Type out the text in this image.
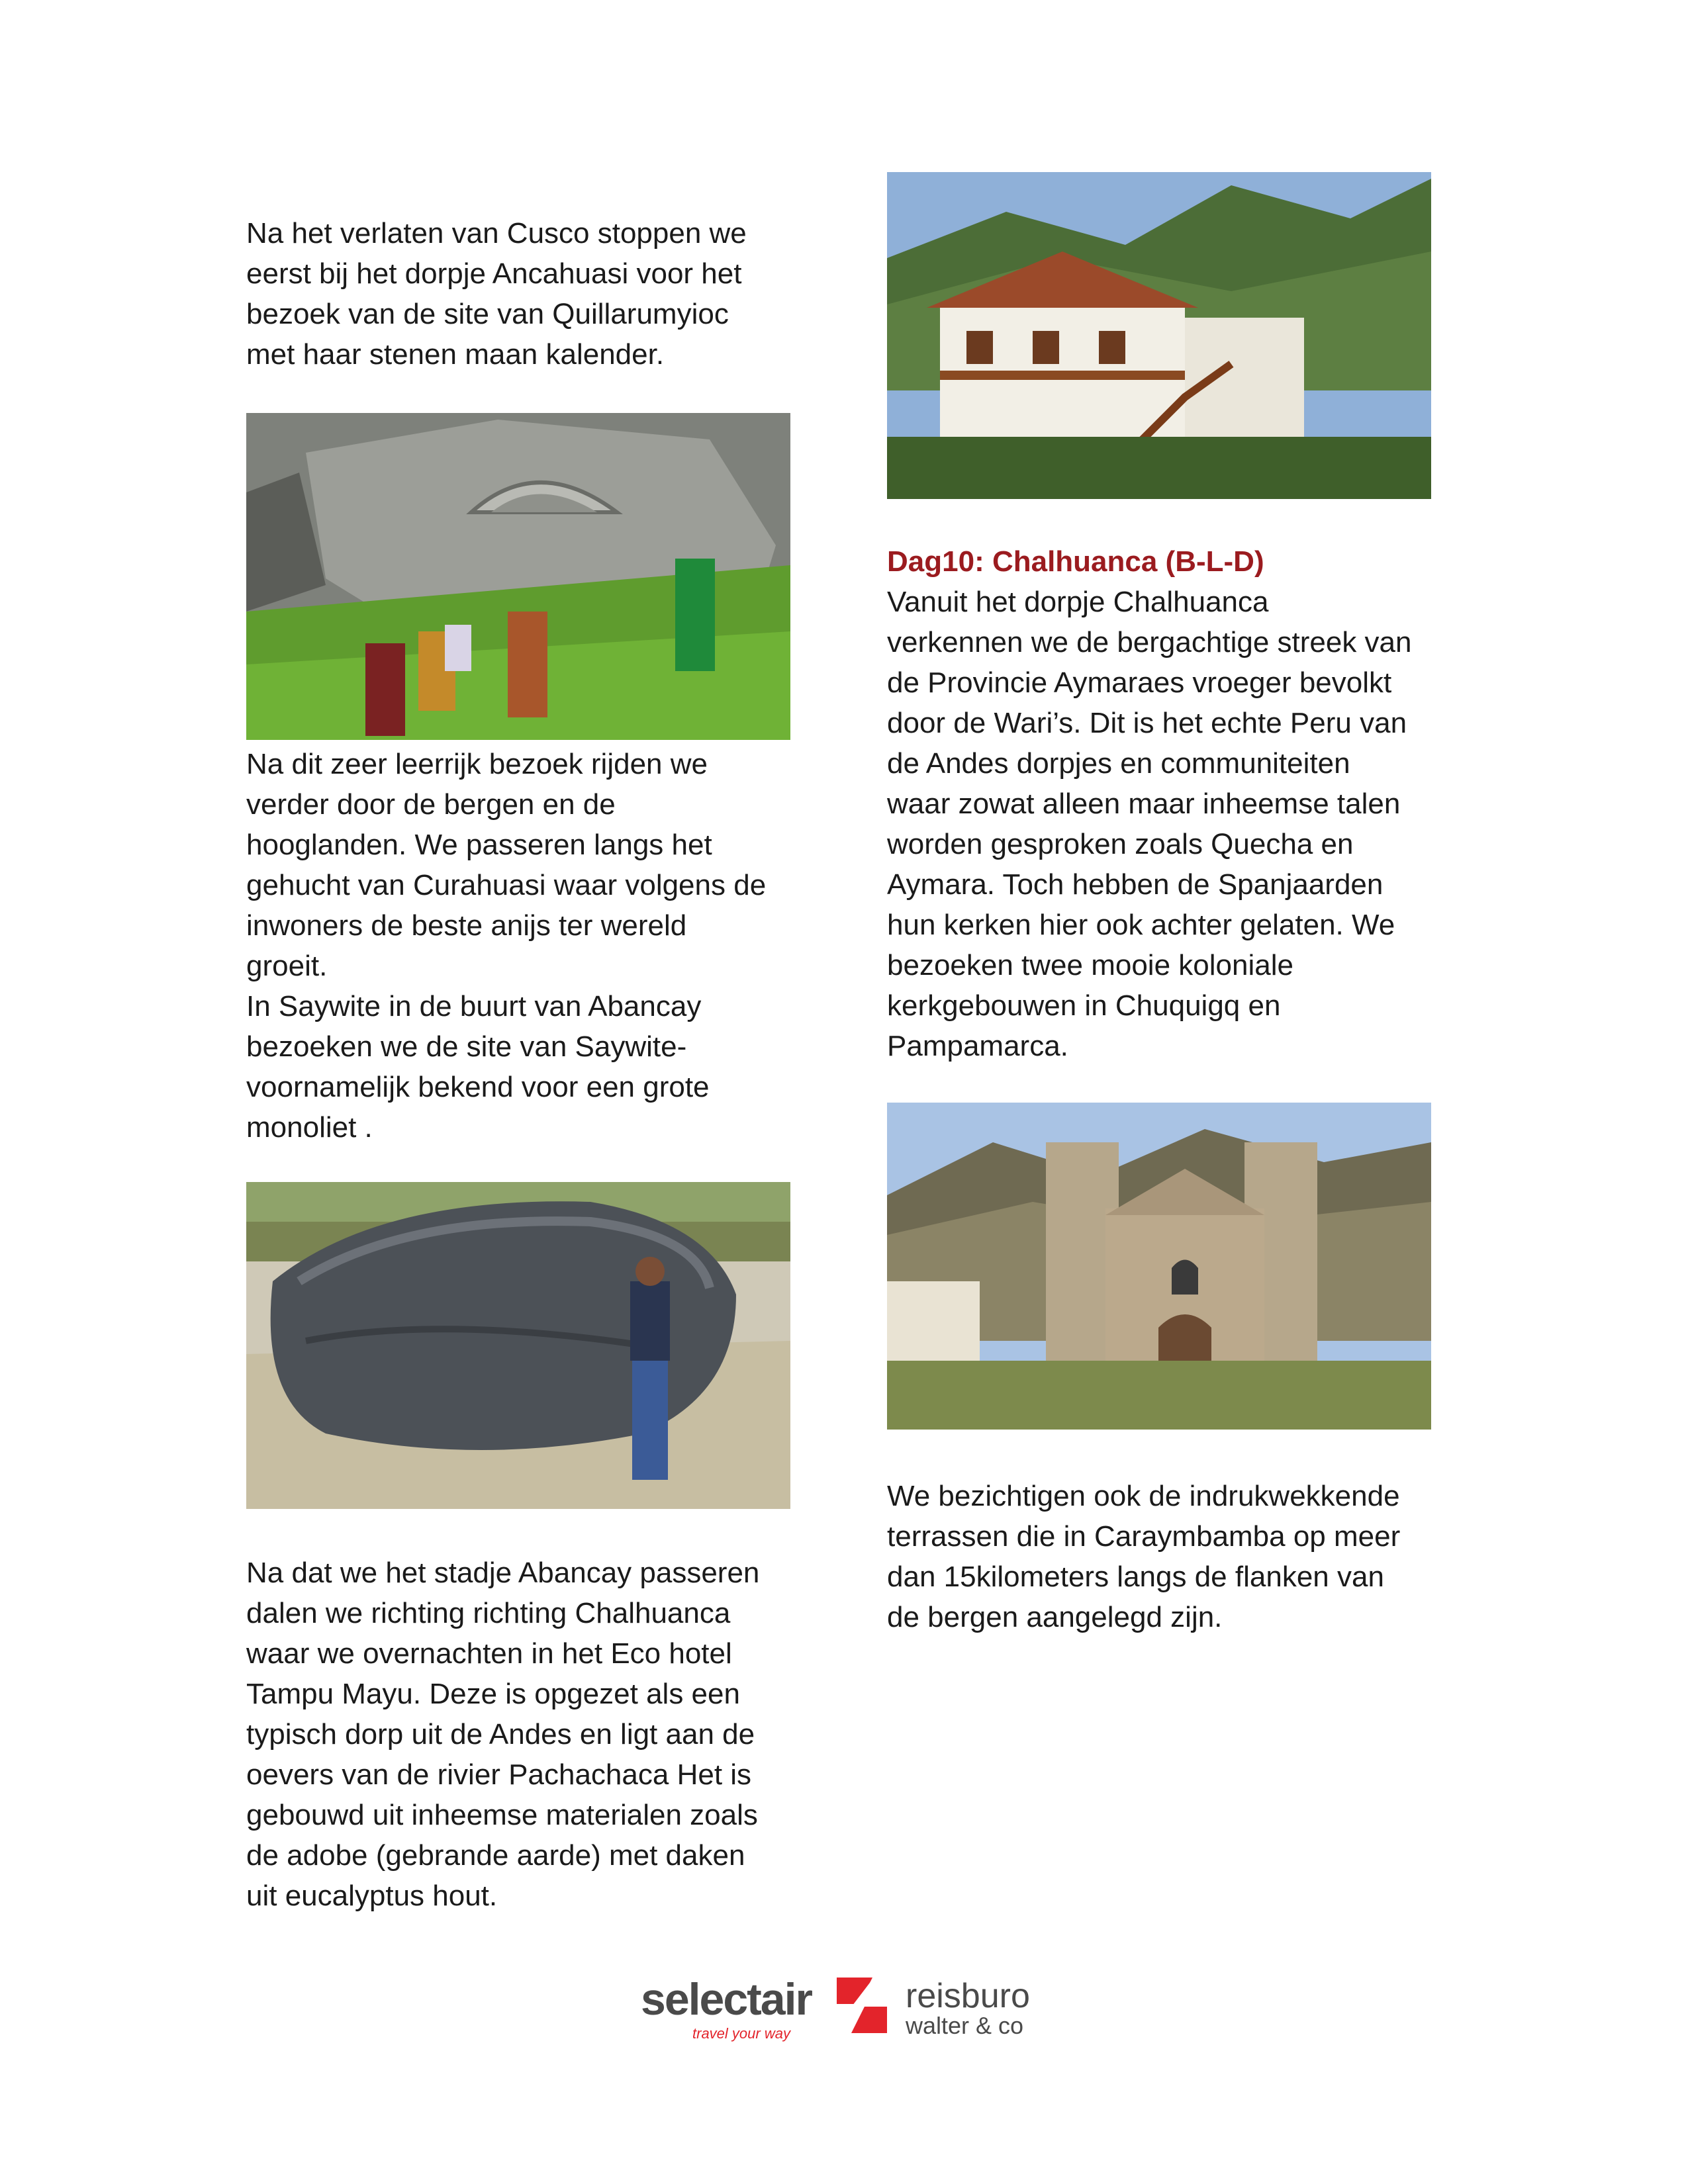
Na het verlaten van Cusco stoppen we
eerst bij het dorpje Ancahuasi voor het
bezoek van de site van Quillarumyioc
met haar stenen maan kalender.

Na dit zeer leerrijk bezoek rijden we
verder door de bergen en de
hooglanden. We passeren langs het
gehucht van Curahuasi waar volgens de
inwoners de beste anijs ter wereld
groeit.
In Saywite in de buurt van Abancay
bezoeken we de site van Saywite-
voornamelijk bekend voor een grote
monoliet .

Na dat we het stadje Abancay passeren
dalen we richting richting Chalhuanca
waar we overnachten in het Eco hotel
Tampu Mayu. Deze is opgezet als een
typisch dorp uit de Andes en ligt aan de
oevers van de rivier Pachachaca Het is
gebouwd uit inheemse materialen zoals
de adobe (gebrande aarde) met daken
uit eucalyptus hout.

Dag10: Chalhuanca (B-L-D)

Vanuit het dorpje Chalhuanca
verkennen we de bergachtige streek van
de Provincie Aymaraes vroeger bevolkt
door de Wari’s. Dit is het echte Peru van
de Andes dorpjes en communiteiten
waar zowat alleen maar inheemse talen
worden gesproken zoals Quecha en
Aymara. Toch hebben de Spanjaarden
hun kerken hier ook achter gelaten. We
bezoeken twee mooie koloniale
kerkgebouwen in Chuquigq en
Pampamarca.

We bezichtigen ook de indrukwekkende
terrassen die in Caraymbamba op meer
dan 15kilometers langs de flanken van
de bergen aangelegd zijn.

selectair
travel your way
reisburo
walter & co
